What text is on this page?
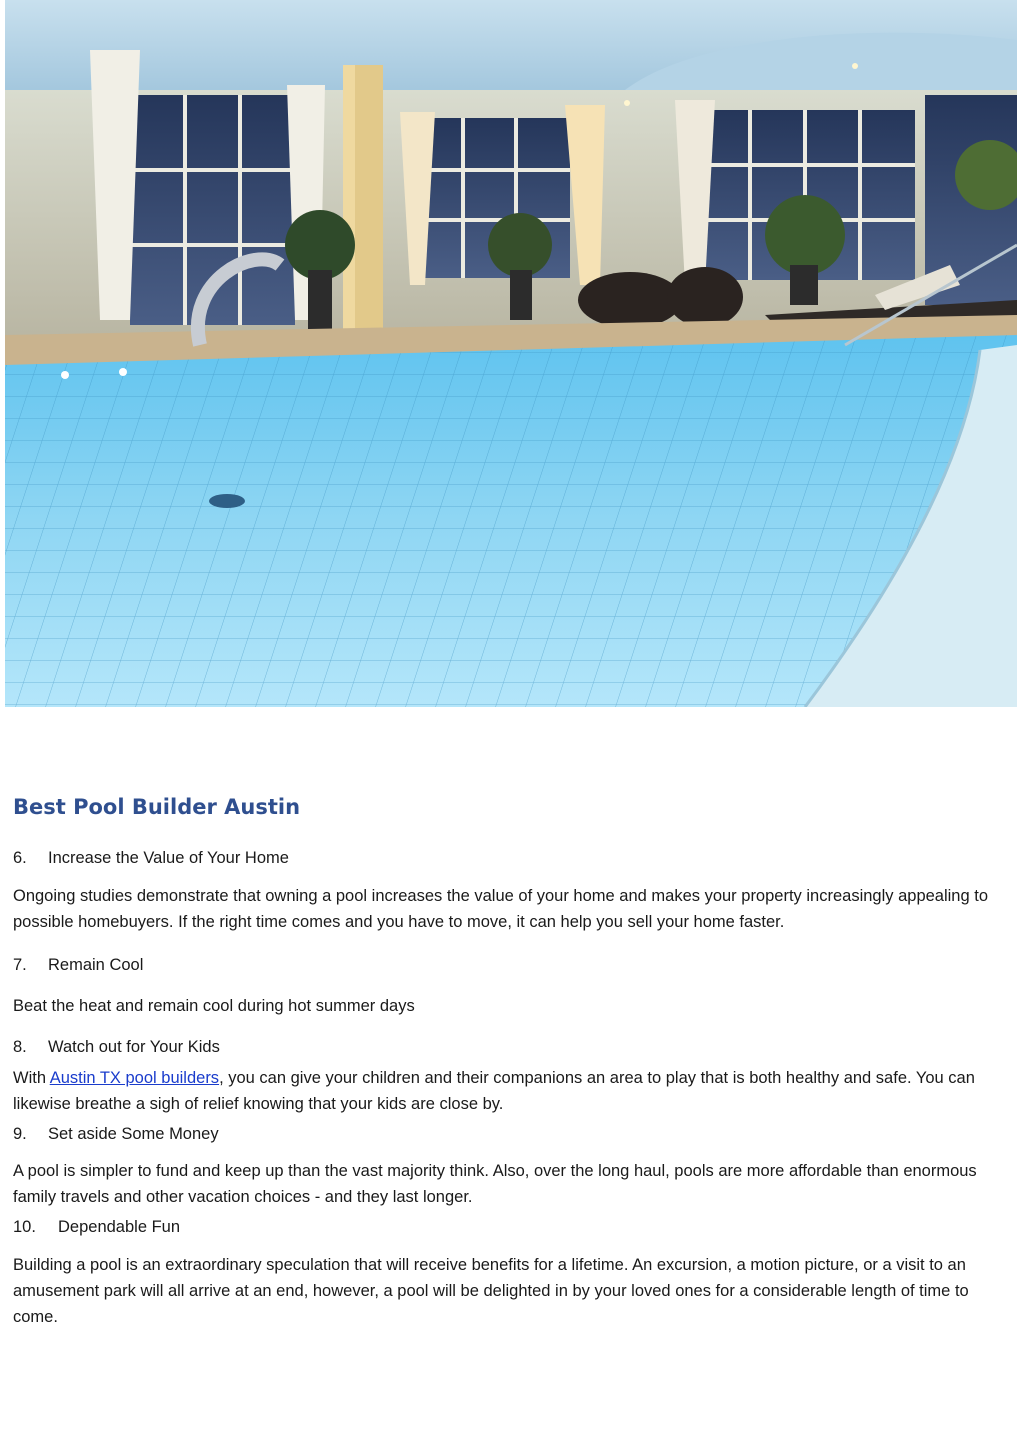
Best Pool Builder Austin

6. Increase the Value of Your Home

Ongoing studies demonstrate that owning a pool increases the value of your home and makes your property increasingly appealing to possible homebuyers. If the right time comes and you have to move, it can help you sell your home faster.

7. Remain Cool

Beat the heat and remain cool during hot summer days

8. Watch out for Your Kids

With Austin TX pool builders, you can give your children and their companions an area to play that is both healthy and safe. You can likewise breathe a sigh of relief knowing that your kids are close by.

9. Set aside Some Money

A pool is simpler to fund and keep up than the vast majority think. Also, over the long haul, pools are more affordable than enormous family travels and other vacation choices - and they last longer.

10. Dependable Fun

Building a pool is an extraordinary speculation that will receive benefits for a lifetime. An excursion, a motion picture, or a visit to an amusement park will all arrive at an end, however, a pool will be delighted in by your loved ones for a considerable length of time to come.
